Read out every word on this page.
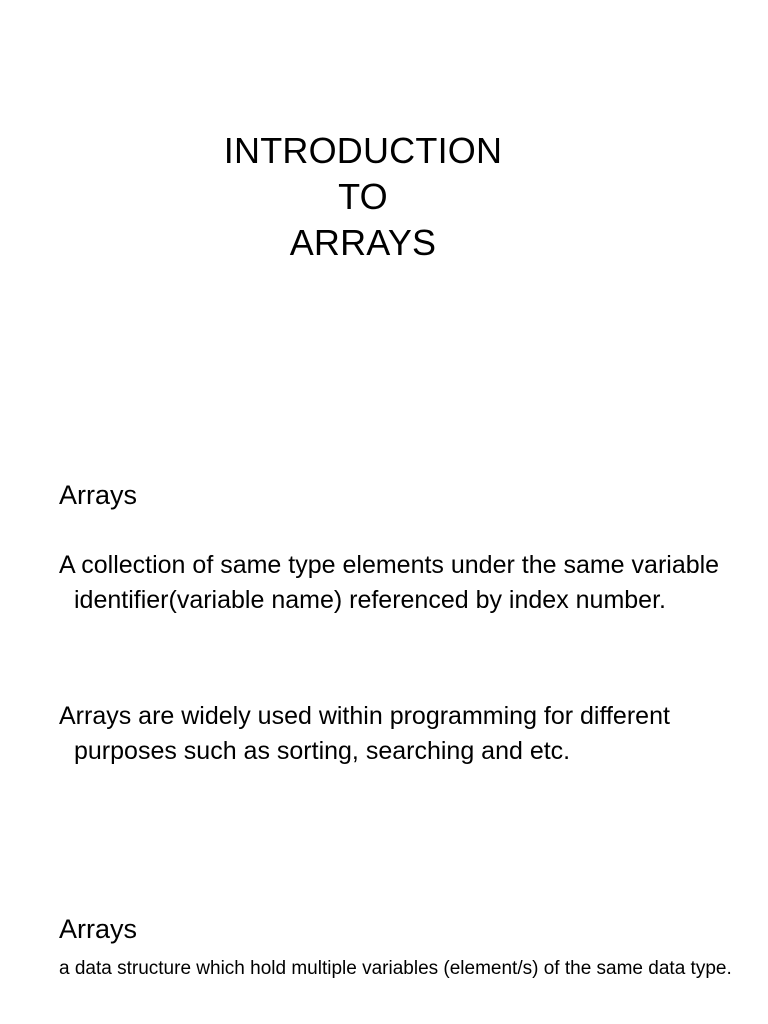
INTRODUCTION
TO
ARRAYS
Arrays
A collection of same type elements under the same variable identifier(variable name) referenced by index number.
Arrays are widely used within programming for different purposes such as sorting, searching and etc.
Arrays
a data structure which hold multiple variables (element/s) of the same data type.
